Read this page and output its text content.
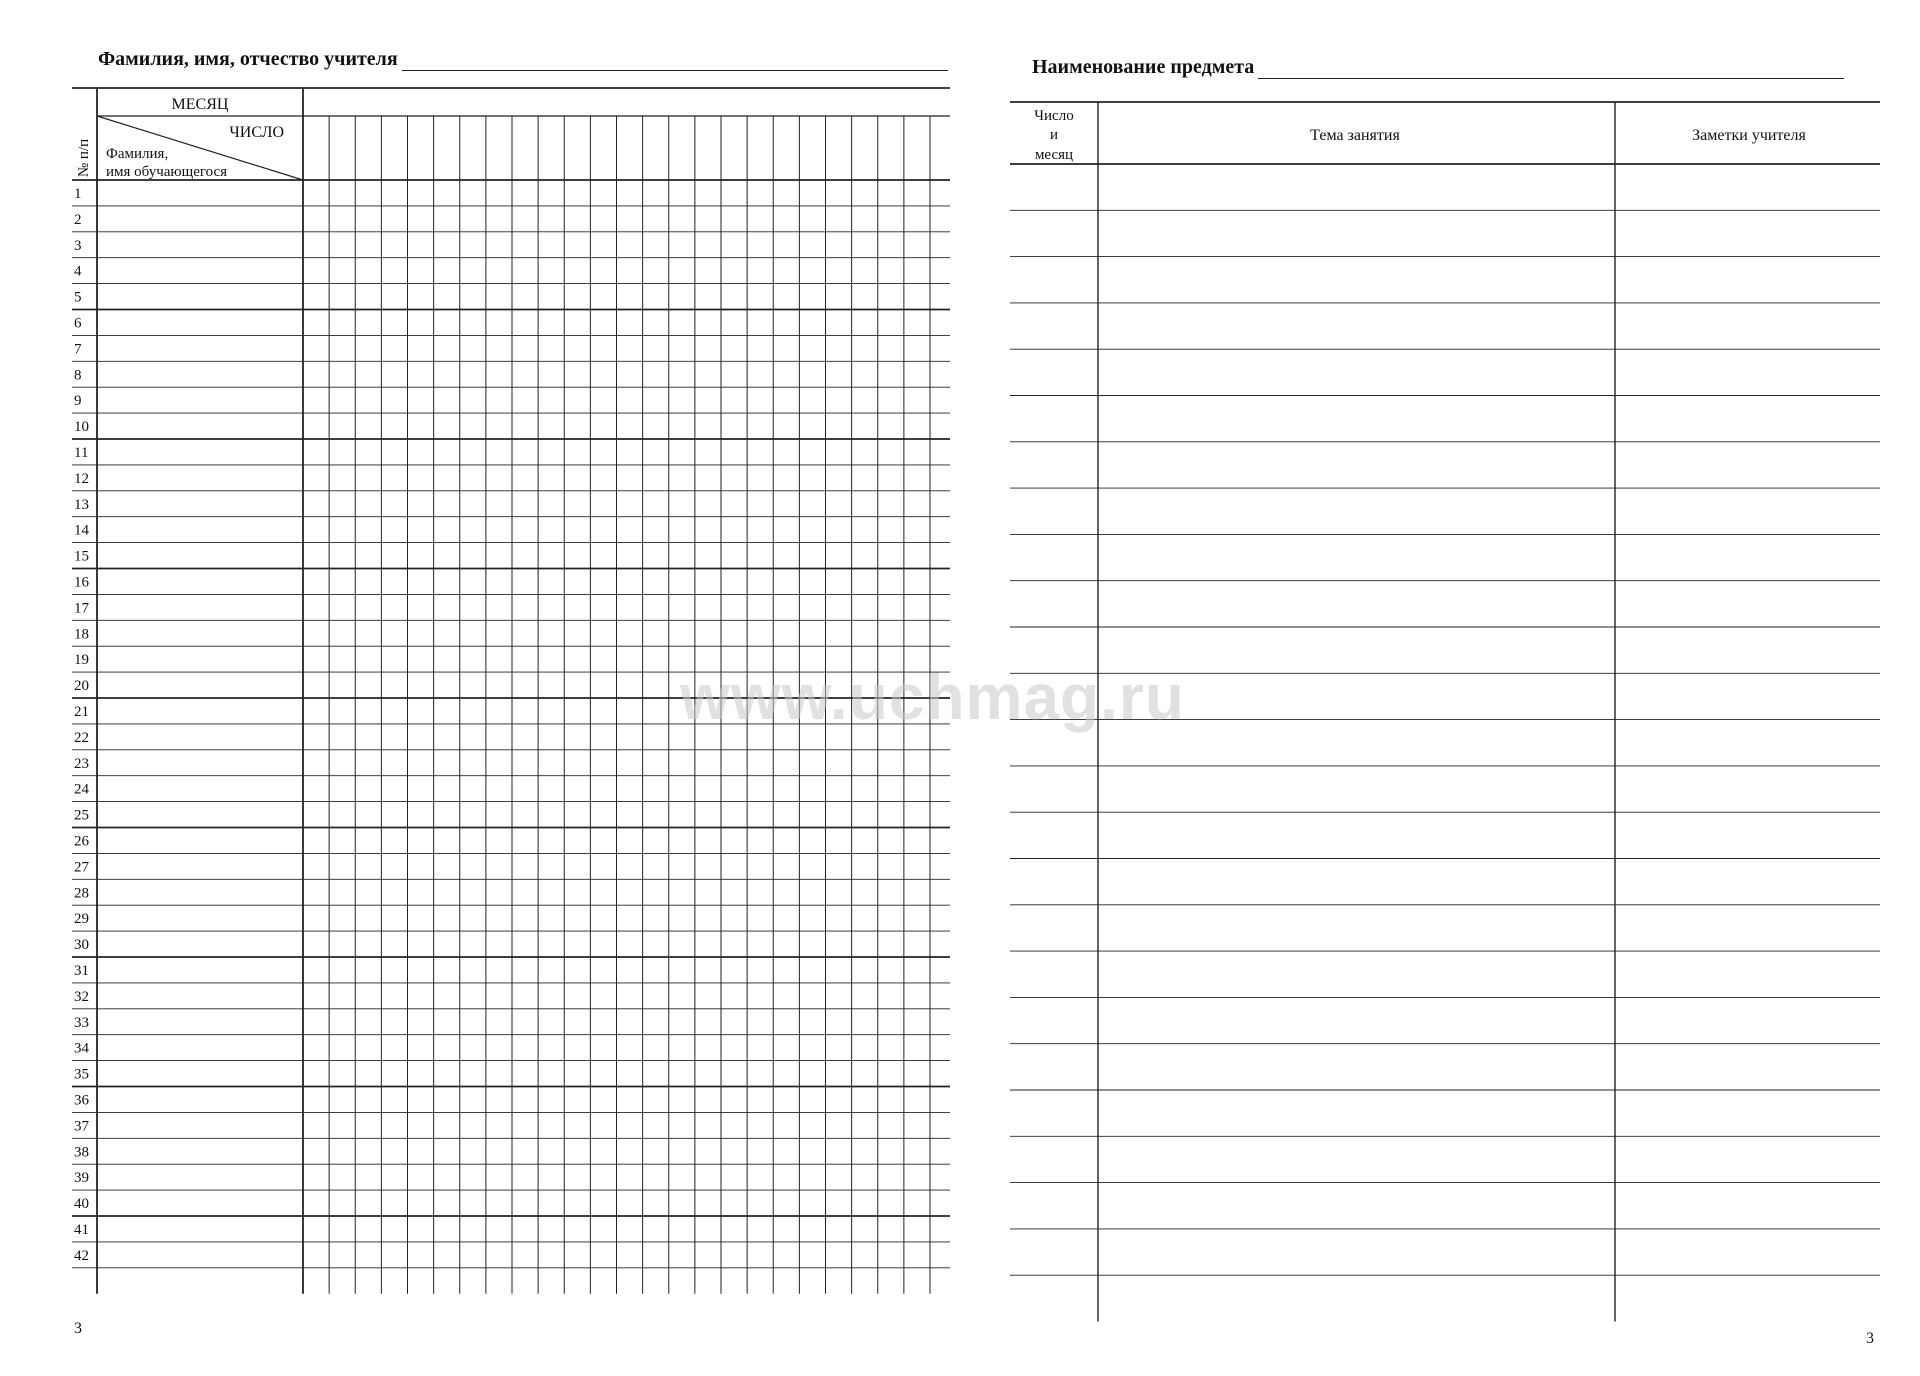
Фамилия, имя, отчество учителя
№ п/п
МЕСЯЦ
ЧИСЛО
Фамилия,
имя обучающегося
1
2
3
4
5
6
7
8
9
10
11
12
13
14
15
16
17
18
19
20
21
22
23
24
25
26
27
28
29
30
31
32
33
34
35
36
37
38
39
40
41
42
3
Наименование предмета
Число
и
месяц
Тема занятия	Заметки учителя
3
www.uchmag.ru
